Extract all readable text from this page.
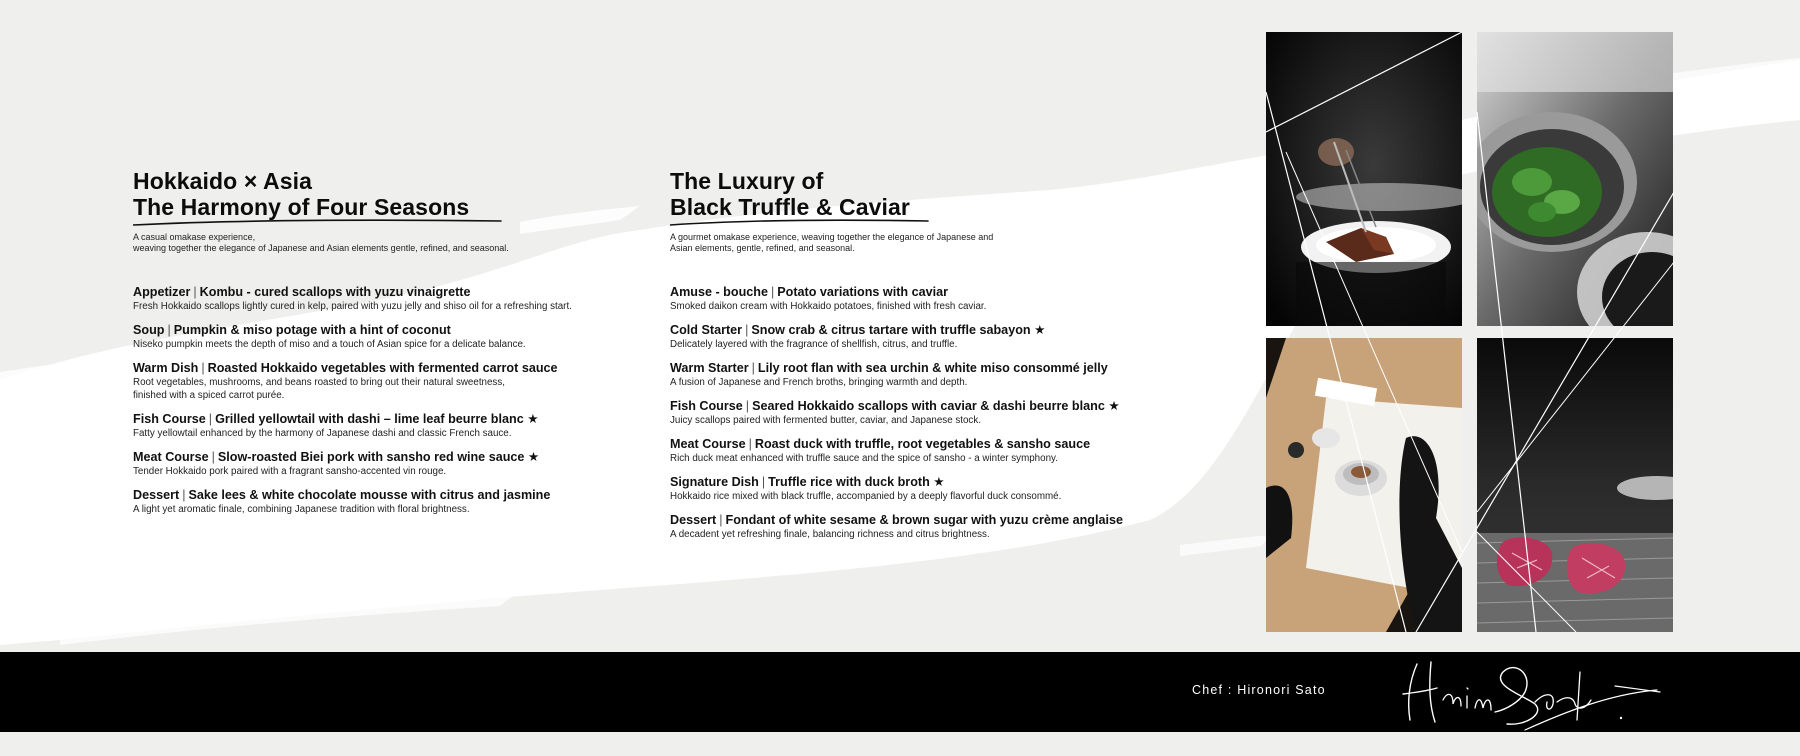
Hokkaido × Asia
The Harmony of Four Seasons
A casual omakase experience,
weaving together the elegance of Japanese and Asian elements gentle, refined, and seasonal.
Appetizer | Kombu - cured scallops with yuzu vinaigrette
Fresh Hokkaido scallops lightly cured in kelp, paired with yuzu jelly and shiso oil for a refreshing start.
Soup | Pumpkin & miso potage with a hint of coconut
Niseko pumpkin meets the depth of miso and a touch of Asian spice for a delicate balance.
Warm Dish | Roasted Hokkaido vegetables with fermented carrot sauce
Root vegetables, mushrooms, and beans roasted to bring out their natural sweetness,
finished with a spiced carrot purée.
Fish Course | Grilled yellowtail with dashi – lime leaf beurre blanc ★
Fatty yellowtail enhanced by the harmony of Japanese dashi and classic French sauce.
Meat Course | Slow-roasted Biei pork with sansho red wine sauce ★
Tender Hokkaido pork paired with a fragrant sansho-accented vin rouge.
Dessert | Sake lees & white chocolate mousse with citrus and jasmine
A light yet aromatic finale, combining Japanese tradition with floral brightness.
The Luxury of
Black Truffle & Caviar
A gourmet omakase experience, weaving together the elegance of Japanese and
Asian elements, gentle, refined, and seasonal.
Amuse - bouche | Potato variations with caviar
Smoked daikon cream with Hokkaido potatoes, finished with fresh caviar.
Cold Starter | Snow crab & citrus tartare with truffle sabayon ★
Delicately layered with the fragrance of shellfish, citrus, and truffle.
Warm Starter | Lily root flan with sea urchin & white miso consommé jelly
A fusion of Japanese and French broths, bringing warmth and depth.
Fish Course | Seared Hokkaido scallops with caviar & dashi beurre blanc ★
Juicy scallops paired with fermented butter, caviar, and Japanese stock.
Meat Course | Roast duck with truffle, root vegetables & sansho sauce
Rich duck meat enhanced with truffle sauce and the spice of sansho - a winter symphony.
Signature Dish | Truffle rice with duck broth ★
Hokkaido rice mixed with black truffle, accompanied by a deeply flavorful duck consommé.
Dessert | Fondant of white sesame & brown sugar with yuzu crème anglaise
A decadent yet refreshing finale, balancing richness and citrus brightness.
Chef : Hironori Sato
